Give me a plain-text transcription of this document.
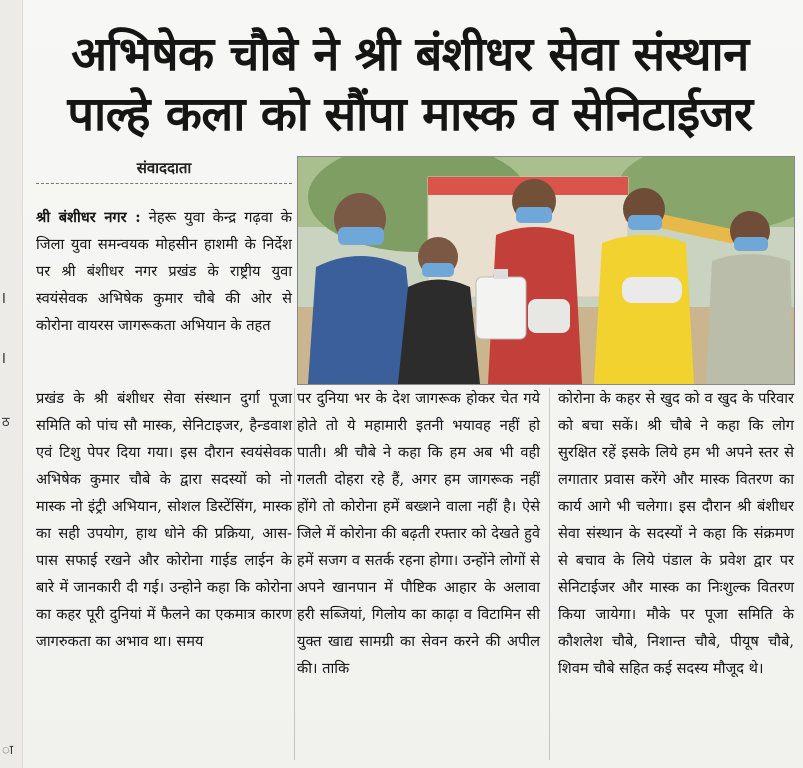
I
I
ठ
ा
अभिषेक चौबे ने श्री बंशीधर सेवा संस्थान
पाल्हे कला को सौंपा मास्क व सेनिटाईजर
संवाददाता
श्री बंशीधर नगर : नेहरू युवा केन्द्र गढ़वा के जिला युवा समन्वयक मोहसीन हाशमी के निर्देश पर श्री बंशीधर नगर प्रखंड के राष्ट्रीय युवा स्वयंसेवक अभिषेक कुमार चौबे की ओर से कोरोना वायरस जागरूकता अभियान के तहत
प्रखंड के श्री बंशीधर सेवा संस्थान दुर्गा पूजा समिति को पांच सौ मास्क, सेनिटाइजर, हैन्डवाश एवं टिशु पेपर दिया गया। इस दौरान स्वयंसेवक अभिषेक कुमार चौबे के द्वारा सदस्यों को नो मास्क नो इंट्री अभियान, सोशल डिस्टेंसिंग, मास्क का सही उपयोग, हाथ धोने की प्रक्रिया, आस-पास सफाई रखने और कोरोना गाईड लाईन के बारे में जानकारी दी गई। उन्होने कहा कि कोरोना का कहर पूरी दुनियां में फैलने का एकमात्र कारण जागरुकता का अभाव था। समय
पर दुनिया भर के देश जागरूक होकर चेत गये होते तो ये महामारी इतनी भयावह नहीं हो पाती। श्री चौबे ने कहा कि हम अब भी वही गलती दोहरा रहे हैं, अगर हम जागरूक नहीं होंगे तो कोरोना हमें बख्शने वाला नहीं है। ऐसे जिले में कोरोना की बढ़ती रफ्तार को देखते हुवे हमें सजग व सतर्क रहना होगा। उन्होंने लोगों से अपने खानपान में पौष्टिक आहार के अलावा हरी सब्जियां, गिलोय का काढ़ा व विटामिन सी युक्त खाद्य सामग्री का सेवन करने की अपील की। ताकि
कोरोना के कहर से खुद को व खुद के परिवार को बचा सकें। श्री चौबे ने कहा कि लोग सुरक्षित रहें इसके लिये हम भी अपने स्तर से लगातार प्रवास करेंगे और मास्क वितरण का कार्य आगे भी चलेगा। इस दौरान श्री बंशीधर सेवा संस्थान के सदस्यों ने कहा कि संक्रमण से बचाव के लिये पंडाल के प्रवेश द्वार पर सेनिटाईजर और मास्क का निःशुल्क वितरण किया जायेगा। मौके पर पूजा समिति के कौशलेश चौबे, निशान्त चौबे, पीयूष चौबे, शिवम चौबे सहित कई सदस्य मौजूद थे।
